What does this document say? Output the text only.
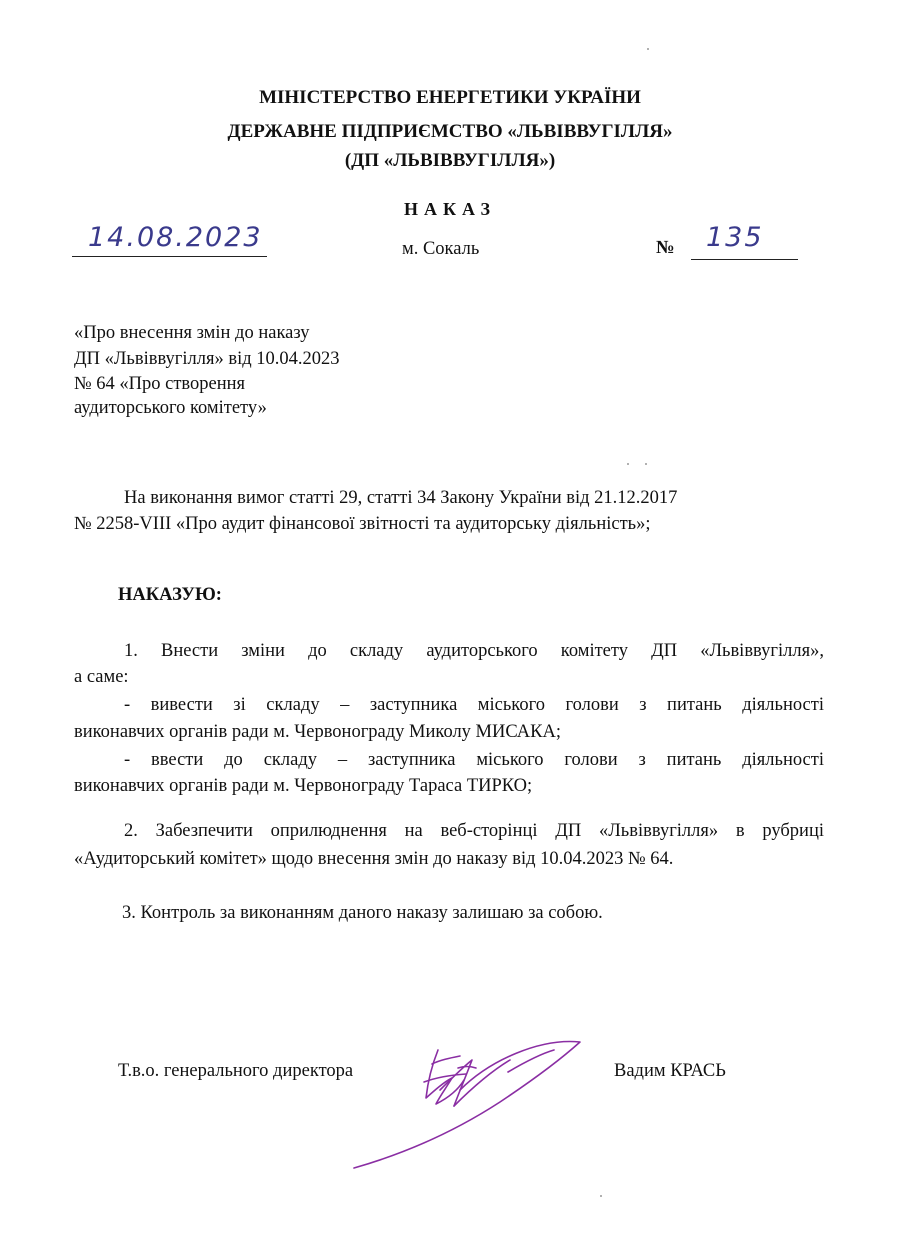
МІНІСТЕРСТВО ЕНЕРГЕТИКИ УКРАЇНИ
ДЕРЖАВНЕ ПІДПРИЄМСТВО «ЛЬВІВВУГІЛЛЯ»
(ДП «ЛЬВІВВУГІЛЛЯ»)
НАКАЗ
14.08.2023	м. Сокаль	№ 135
«Про внесення змін до наказу
ДП «Львіввугілля» від 10.04.2023
№ 64 «Про створення
аудиторського комітету»
На виконання вимог статті 29, статті 34 Закону України від 21.12.2017
№ 2258-VIII «Про аудит фінансової звітності та аудиторську діяльність»;
НАКАЗУЮ:
1. Внести зміни до складу аудиторського комітету ДП «Львіввугілля»,
а саме:
- вивести зі складу – заступника міського голови з питань діяльності
виконавчих органів ради м. Червонограду Миколу МИСАКА;
- ввести до складу – заступника міського голови з питань діяльності
виконавчих органів ради м. Червонограду Тараса ТИРКО;
2. Забезпечити оприлюднення на веб-сторінці ДП «Львіввугілля» в рубриці
«Аудиторський комітет» щодо внесення змін до наказу від 10.04.2023 № 64.
3. Контроль за виконанням даного наказу залишаю за собою.
Т.в.о. генерального директора	Вадим КРАСЬ
